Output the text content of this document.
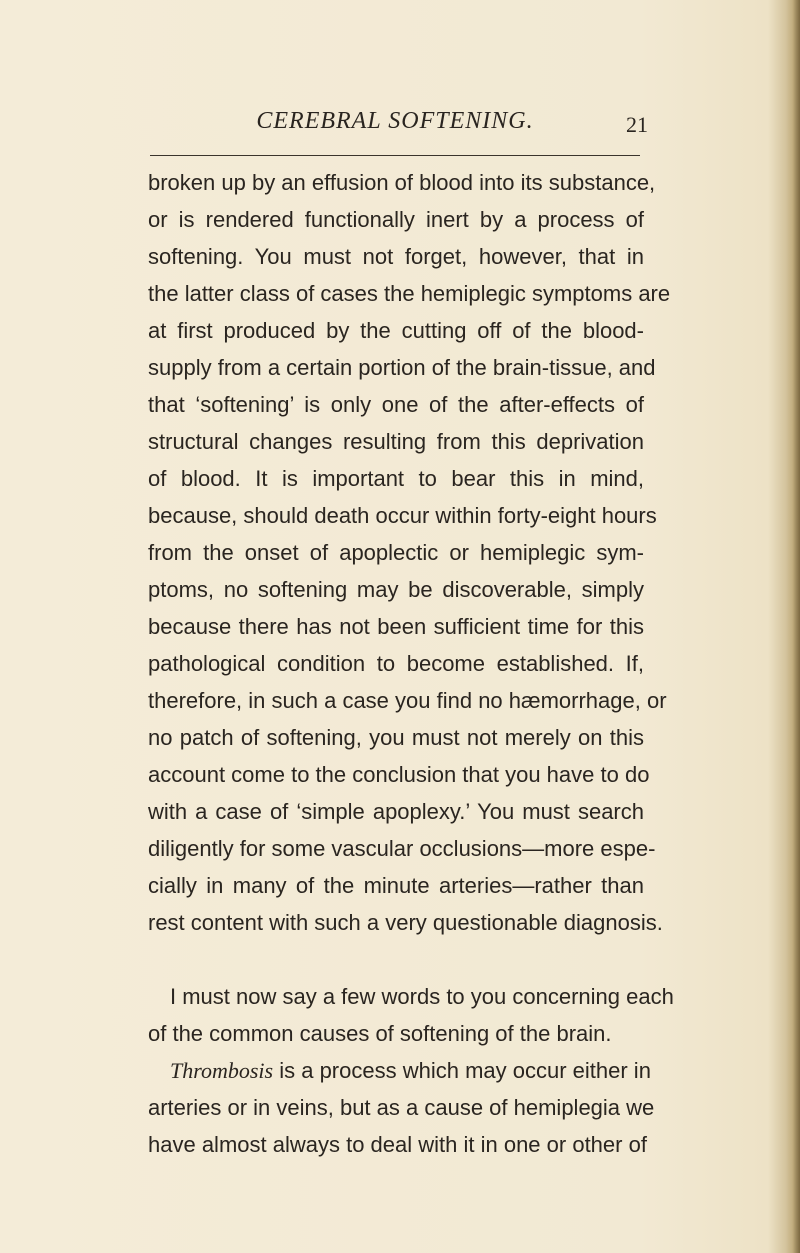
CEREBRAL SOFTENING.	21

broken up by an effusion of blood into its substance,
or is rendered functionally inert by a process of
softening. You must not forget, however, that in
the latter class of cases the hemiplegic symptoms are
at first produced by the cutting off of the blood-
supply from a certain portion of the brain-tissue, and
that ‘softening’ is only one of the after-effects of
structural changes resulting from this deprivation
of blood. It is important to bear this in mind,
because, should death occur within forty-eight hours
from the onset of apoplectic or hemiplegic sym-
ptoms, no softening may be discoverable, simply
because there has not been sufficient time for this
pathological condition to become established. If,
therefore, in such a case you find no hæmorrhage, or
no patch of softening, you must not merely on this
account come to the conclusion that you have to do
with a case of ‘simple apoplexy.’ You must search
diligently for some vascular occlusions—more espe-
cially in many of the minute arteries—rather than
rest content with such a very questionable diagnosis.

I must now say a few words to you concerning each
of the common causes of softening of the brain.

Thrombosis is a process which may occur either in
arteries or in veins, but as a cause of hemiplegia we
have almost always to deal with it in one or other of
